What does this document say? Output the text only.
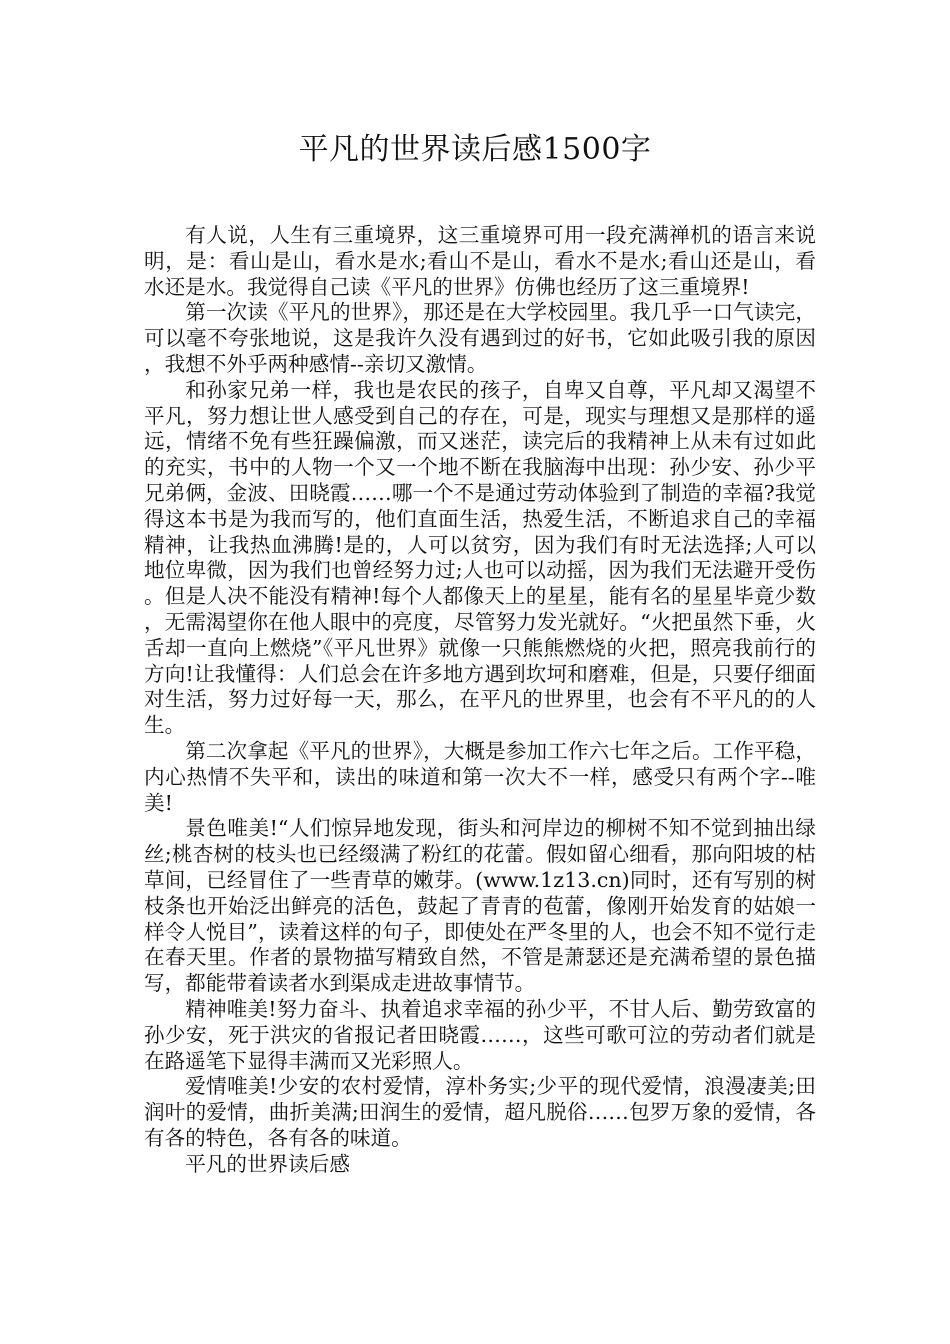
平凡的世界读后感1500字

有人说，人生有三重境界，这三重境界可用一段充满禅机的语言来说明，是：看山是山，看水是水;看山不是山，看水不是水;看山还是山，看水还是水。我觉得自己读《平凡的世界》仿佛也经历了这三重境界!

第一次读《平凡的世界》，那还是在大学校园里。我几乎一口气读完，可以毫不夸张地说，这是我许久没有遇到过的好书，它如此吸引我的原因，我想不外乎两种感情--亲切又激情。

和孙家兄弟一样，我也是农民的孩子，自卑又自尊，平凡却又渴望不平凡，努力想让世人感受到自己的存在，可是，现实与理想又是那样的遥远，情绪不免有些狂躁偏激，而又迷茫，读完后的我精神上从未有过如此的充实，书中的人物一个又一个地不断在我脑海中出现：孙少安、孙少平兄弟俩，金波、田晓霞……哪一个不是通过劳动体验到了制造的幸福?我觉得这本书是为我而写的，他们直面生活，热爱生活，不断追求自己的幸福精神，让我热血沸腾!是的，人可以贫穷，因为我们有时无法选择;人可以地位卑微，因为我们也曾经努力过;人也可以动摇，因为我们无法避开受伤。但是人决不能没有精神!每个人都像天上的星星，能有名的星星毕竟少数，无需渴望你在他人眼中的亮度，尽管努力发光就好。“火把虽然下垂，火舌却一直向上燃烧”《平凡世界》就像一只熊熊燃烧的火把，照亮我前行的方向!让我懂得：人们总会在许多地方遇到坎坷和磨难，但是，只要仔细面对生活，努力过好每一天，那么，在平凡的世界里，也会有不平凡的的人生。

第二次拿起《平凡的世界》，大概是参加工作六七年之后。工作平稳，内心热情不失平和，读出的味道和第一次大不一样，感受只有两个字--唯美!

景色唯美!“人们惊异地发现，街头和河岸边的柳树不知不觉到抽出绿丝;桃杏树的枝头也已经缀满了粉红的花蕾。假如留心细看，那向阳坡的枯草间，已经冒住了一些青草的嫩芽。(www.1z13.cn)同时，还有写别的树枝条也开始泛出鲜亮的活色，鼓起了青青的苞蕾，像刚开始发育的姑娘一样令人悦目”，读着这样的句子，即使处在严冬里的人，也会不知不觉行走在春天里。作者的景物描写精致自然，不管是萧瑟还是充满希望的景色描写，都能带着读者水到渠成走进故事情节。

精神唯美!努力奋斗、执着追求幸福的孙少平，不甘人后、勤劳致富的孙少安，死于洪灾的省报记者田晓霞……，这些可歌可泣的劳动者们就是在路遥笔下显得丰满而又光彩照人。

爱情唯美!少安的农村爱情，淳朴务实;少平的现代爱情，浪漫凄美;田润叶的爱情，曲折美满;田润生的爱情，超凡脱俗……包罗万象的爱情，各有各的特色，各有各的味道。

平凡的世界读后感
